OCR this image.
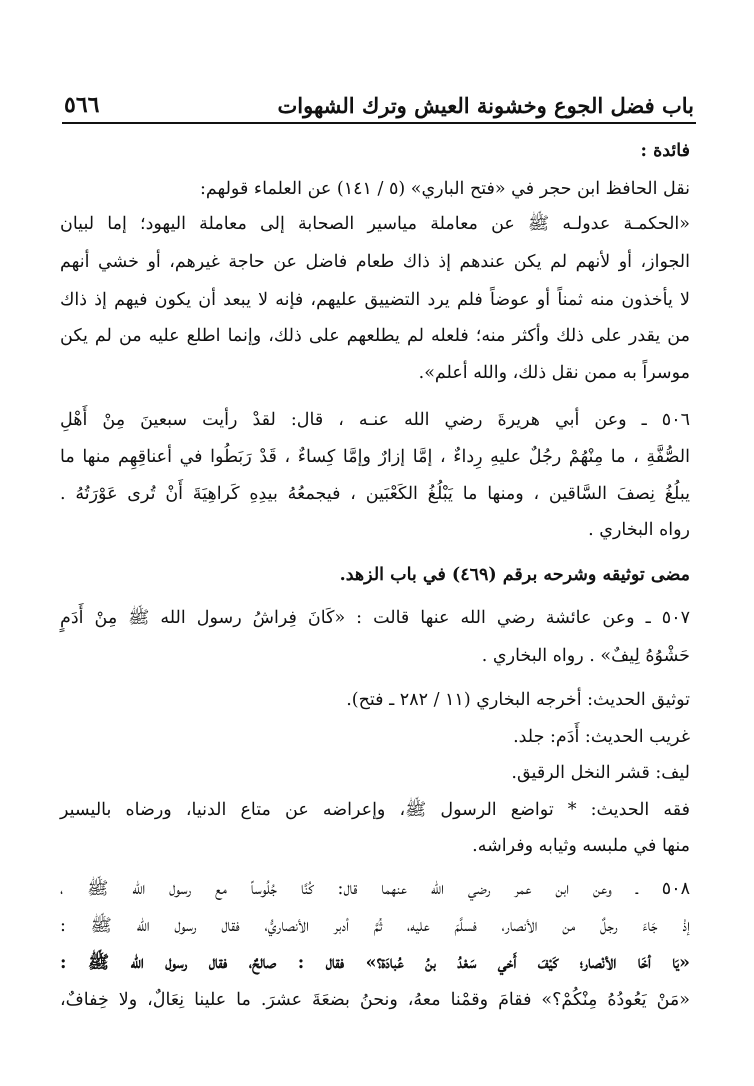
باب فضل الجوع وخشونة العيش وترك الشهوات
٥٦٦
فائدة :
نقل الحافظ ابن حجر في «فتح الباري» (٥ / ١٤١) عن العلماء قولهم:
«الحكمـة عدولـه ﷺ عن معاملة مياسير الصحابة إلى معاملة اليهود؛ إما لبيان
الجواز، أو لأنهم لم يكن عندهم إذ ذاك طعام فاضل عن حاجة غيرهم، أو خشي أنهم
لا يأخذون منه ثمناً أو عوضاً فلم يرد التضييق عليهم، فإنه لا يبعد أن يكون فيهم إذ ذاك
من يقدر على ذلك وأكثر منه؛ فلعله لم يطلعهم على ذلك، وإنما اطلع عليه من لم يكن
موسراً به ممن نقل ذلك، والله أعلم».
٥٠٦ ـ وعن أبي هريرةَ رضي الله عنـه ، قال: لقدْ رأيت سبعينَ مِنْ أَهْلِ
الصُّفَّةِ ، ما مِنْهُمْ رجُلٌ عليهِ رِداءٌ ، إمَّا إزارٌ وإمَّا كِساءٌ ، قَدْ رَبَطُوا في أعناقِهِم منها ما
يبلُغُ نِصفَ السَّاقين ، ومنها ما يَبْلُغُ الكَعْبَين ، فيجمعُهُ بيدِهِ كَراهِيَةَ أَنْ تُرى عَوْرَتُهُ .
رواه البخاري .
مضى توثيقه وشرحه برقم (٤٦٩) في باب الزهد.
٥٠٧ ـ وعن عائشة رضي الله عنها قالت : «كَانَ فِراشُ رسول الله ﷺ مِنْ أَدَمٍ
حَشْوُهُ لِيفٌ» . رواه البخاري .
توثيق الحديث: أخرجه البخاري (١١ / ٢٨٢ ـ فتح).
غريب الحديث: أَدَم: جلد.
ليف: قشر النخل الرقيق.
فقه الحديث: * تواضع الرسول ﷺ، وإعراضه عن متاع الدنيا، ورضاه باليسير
منها في ملبسه وثيابه وفراشه.
٥٠٨ ـ وعن ابن عمر رضي الله عنهما قال: كُنَّا جُلُوساً مع رسول الله ﷺ ،
إذْ جَاءَ رجلٌ من الأنصار، فسلَّمَ عليه، ثُمَّ أدبر الأنصاريُّ، فقال رسول الله ﷺ :
«يَا أخَا الأنْصار؛ كَيْفَ أَخي سَعْدُ بنُ عُبادَة؟» فقال : صالحٌ، فقال رسول الله ﷺ :
«مَنْ يَعُودُهُ مِنْكُمْ؟» فقامَ وقمْنا معهُ، ونحنُ بضعَةَ عشرَ. ما علينا نِعَالٌ، ولا خِفافٌ،
